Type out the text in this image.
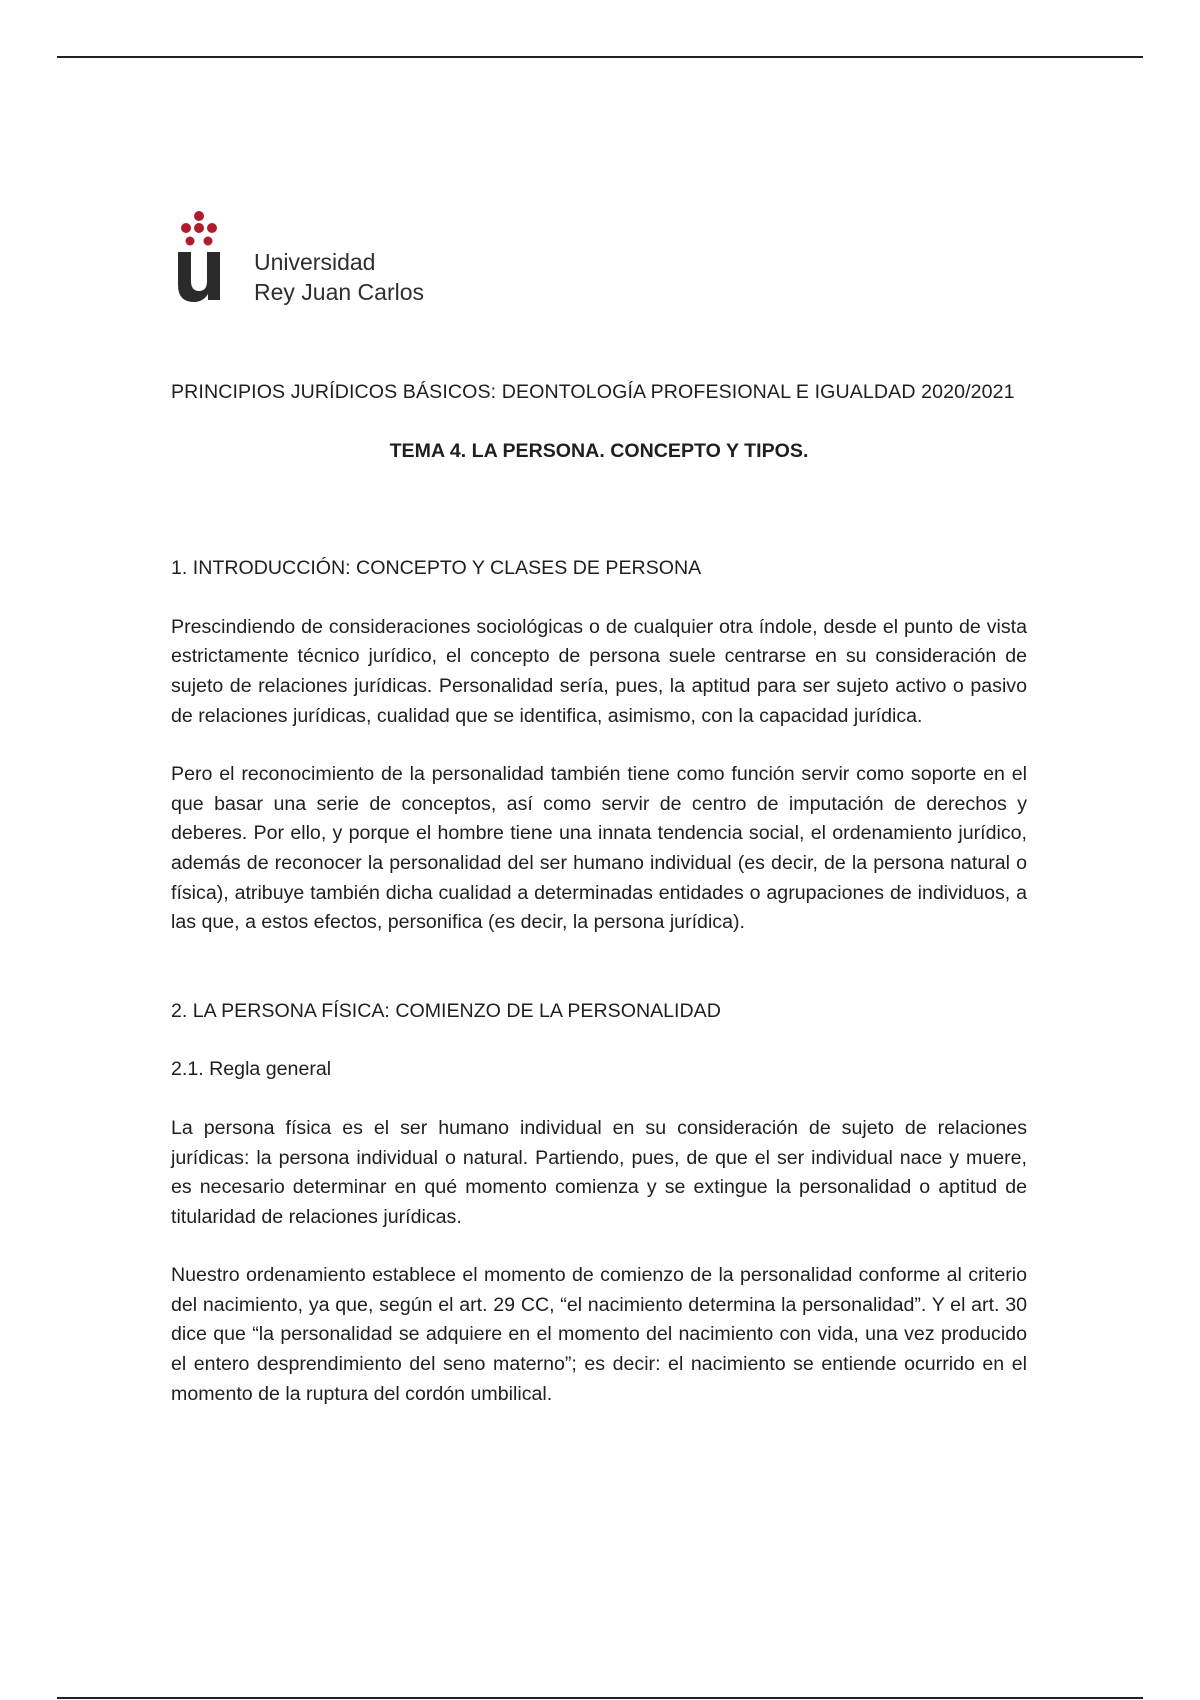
Universidad
Rey Juan Carlos
PRINCIPIOS JURÍDICOS BÁSICOS: DEONTOLOGÍA PROFESIONAL E IGUALDAD 2020/2021
TEMA 4. LA PERSONA. CONCEPTO Y TIPOS.
1. INTRODUCCIÓN: CONCEPTO Y CLASES DE PERSONA

Prescindiendo de consideraciones sociológicas o de cualquier otra índole, desde el punto de vista estrictamente técnico jurídico, el concepto de persona suele centrarse en su consideración de sujeto de relaciones jurídicas. Personalidad sería, pues, la aptitud para ser sujeto activo o pasivo de relaciones jurídicas, cualidad que se identifica, asimismo, con la capacidad jurídica.

Pero el reconocimiento de la personalidad también tiene como función servir como soporte en el que basar una serie de conceptos, así como servir de centro de imputación de derechos y deberes. Por ello, y porque el hombre tiene una innata tendencia social, el ordenamiento jurídico, además de reconocer la personalidad del ser humano individual (es decir, de la persona natural o física), atribuye también dicha cualidad a determinadas entidades o agrupaciones de individuos, a las que, a estos efectos, personifica (es decir, la persona jurídica).

2. LA PERSONA FÍSICA: COMIENZO DE LA PERSONALIDAD
2.1. Regla general

La persona física es el ser humano individual en su consideración de sujeto de relaciones jurídicas: la persona individual o natural. Partiendo, pues, de que el ser individual nace y muere, es necesario determinar en qué momento comienza y se extingue la personalidad o aptitud de titularidad de relaciones jurídicas.

Nuestro ordenamiento establece el momento de comienzo de la personalidad conforme al criterio del nacimiento, ya que, según el art. 29 CC, “el nacimiento determina la personalidad”. Y el art. 30 dice que “la personalidad se adquiere en el momento del nacimiento con vida, una vez producido el entero desprendimiento del seno materno”; es decir: el nacimiento se entiende ocurrido en el momento de la ruptura del cordón umbilical.
